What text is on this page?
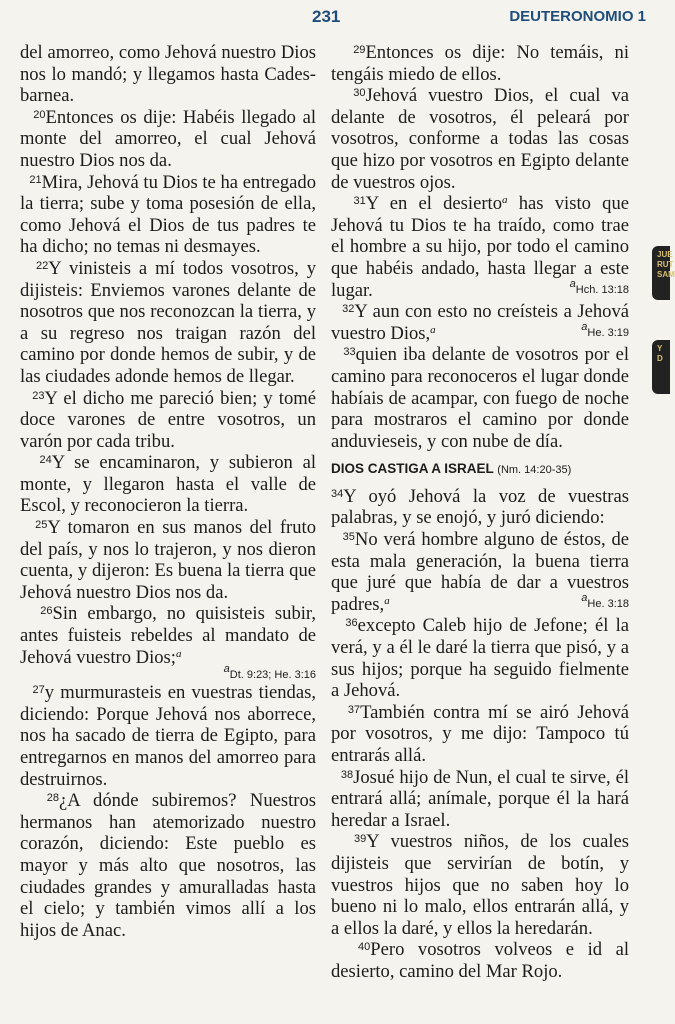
231	DEUTERONOMIO 1
JUE
RUT
SAM
Y
D

del amorreo, como Jehová nuestro Dios nos lo mandó; y llegamos hasta Cades-barnea.

$^{20}$Entonces os dije: Habéis llegado al monte del amorreo, el cual Jehová nuestro Dios nos da.

$^{21}$Mira, Jehová tu Dios te ha entregado la tierra; sube y toma posesión de ella, como Jehová el Dios de tus padres te ha dicho; no temas ni desmayes.

$^{22}$Y vinisteis a mí todos vosotros, y dijisteis: Enviemos varones delante de nosotros que nos reconozcan la tierra, y a su regreso nos traigan razón del camino por donde hemos de subir, y de las ciudades adonde hemos de llegar.

$^{23}$Y el dicho me pareció bien; y tomé doce varones de entre vosotros, un varón por cada tribu.

$^{24}$Y se encaminaron, y subieron al monte, y llegaron hasta el valle de Escol, y reconocieron la tierra.

$^{25}$Y tomaron en sus manos del fruto del país, y nos lo trajeron, y nos dieron cuenta, y dijeron: Es buena la tierra que Jehová nuestro Dios nos da.

$^{26}$Sin embargo, no quisisteis subir, antes fuisteis rebeldes al mandato de Jehová vuestro Dios;$^a$

$^a$Dt. 9:23; He. 3:16

$^{27}$y murmurasteis en vuestras tiendas, diciendo: Porque Jehová nos aborrece, nos ha sacado de tierra de Egipto, para entregarnos en manos del amorreo para destruirnos.

$^{28}$¿A dónde subiremos? Nuestros hermanos han atemorizado nuestro corazón, diciendo: Este pueblo es mayor y más alto que nosotros, las ciudades grandes y amuralladas hasta el cielo; y también vimos allí a los hijos de Anac.

$^{29}$Entonces os dije: No temáis, ni tengáis miedo de ellos.

$^{30}$Jehová vuestro Dios, el cual va delante de vosotros, él peleará por vosotros, conforme a todas las cosas que hizo por vosotros en Egipto delante de vuestros ojos.

$^{31}$Y en el desierto$^a$ has visto que Jehová tu Dios te ha traído, como trae el hombre a su hijo, por todo el camino que habéis andado, hasta llegar a este lugar.	$^a$Hch. 13:18

$^{32}$Y aun con esto no creísteis a Jehová vuestro Dios,$^a$	$^a$He. 3:19

$^{33}$quien iba delante de vosotros por el camino para reconoceros el lugar donde habíais de acampar, con fuego de noche para mostraros el camino por donde anduvieseis, y con nube de día.

DIOS CASTIGA A ISRAEL (Nm. 14:20-35)

$^{34}$Y oyó Jehová la voz de vuestras palabras, y se enojó, y juró diciendo:

$^{35}$No verá hombre alguno de éstos, de esta mala generación, la buena tierra que juré que había de dar a vuestros padres,$^a$	$^a$He. 3:18

$^{36}$excepto Caleb hijo de Jefone; él la verá, y a él le daré la tierra que pisó, y a sus hijos; porque ha seguido fielmente a Jehová.

$^{37}$También contra mí se airó Jehová por vosotros, y me dijo: Tampoco tú entrarás allá.

$^{38}$Josué hijo de Nun, el cual te sirve, él entrará allá; anímale, porque él la hará heredar a Israel.

$^{39}$Y vuestros niños, de los cuales dijisteis que servirían de botín, y vuestros hijos que no saben hoy lo bueno ni lo malo, ellos entrarán allá, y a ellos la daré, y ellos la heredarán.

$^{40}$Pero vosotros volveos e id al desierto, camino del Mar Rojo.
